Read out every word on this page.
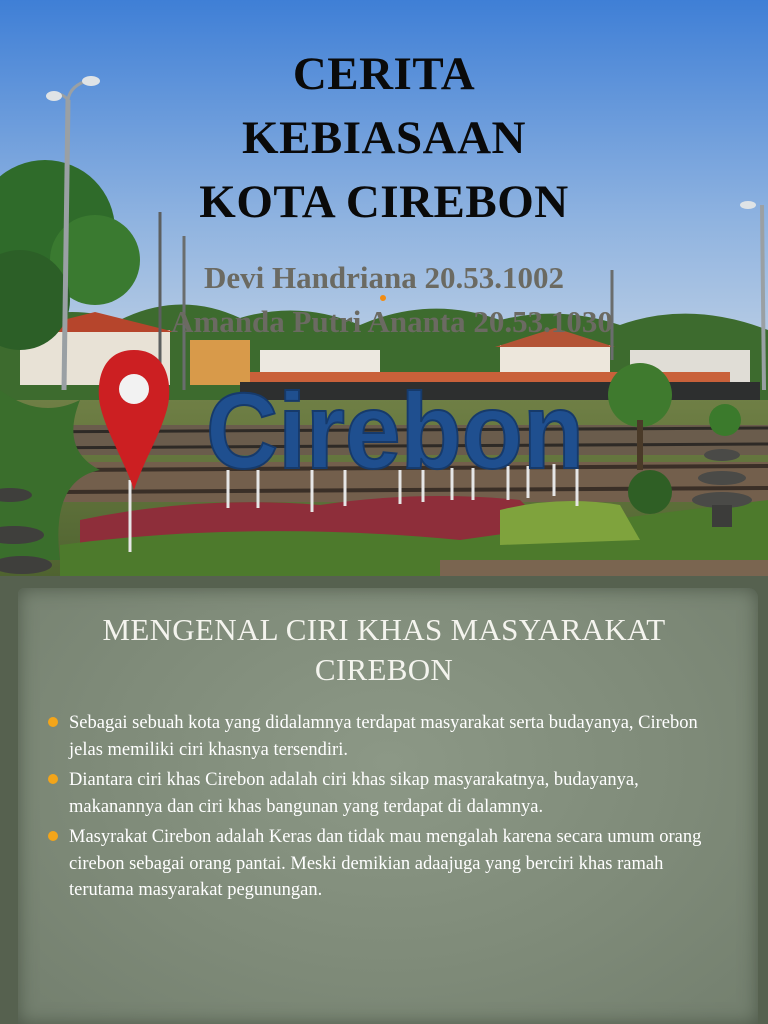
Cirebon
CERITA
KEBIASAAN
KOTA CIREBON
Devi Handriana 20.53.1002
Amanda Putri Ananta 20.53.1030
MENGENAL CIRI KHAS MASYARAKAT
CIREBON
Sebagai sebuah kota yang didalamnya terdapat masyarakat serta budayanya, Cirebon jelas memiliki ciri khasnya tersendiri.
Diantara ciri khas Cirebon adalah ciri khas sikap masyarakatnya, budayanya, makanannya dan ciri khas bangunan yang terdapat di dalamnya.
Masyrakat Cirebon adalah Keras dan tidak mau mengalah karena secara umum orang cirebon sebagai orang pantai. Meski demikian adaajuga yang berciri khas ramah terutama masyarakat pegunungan.
